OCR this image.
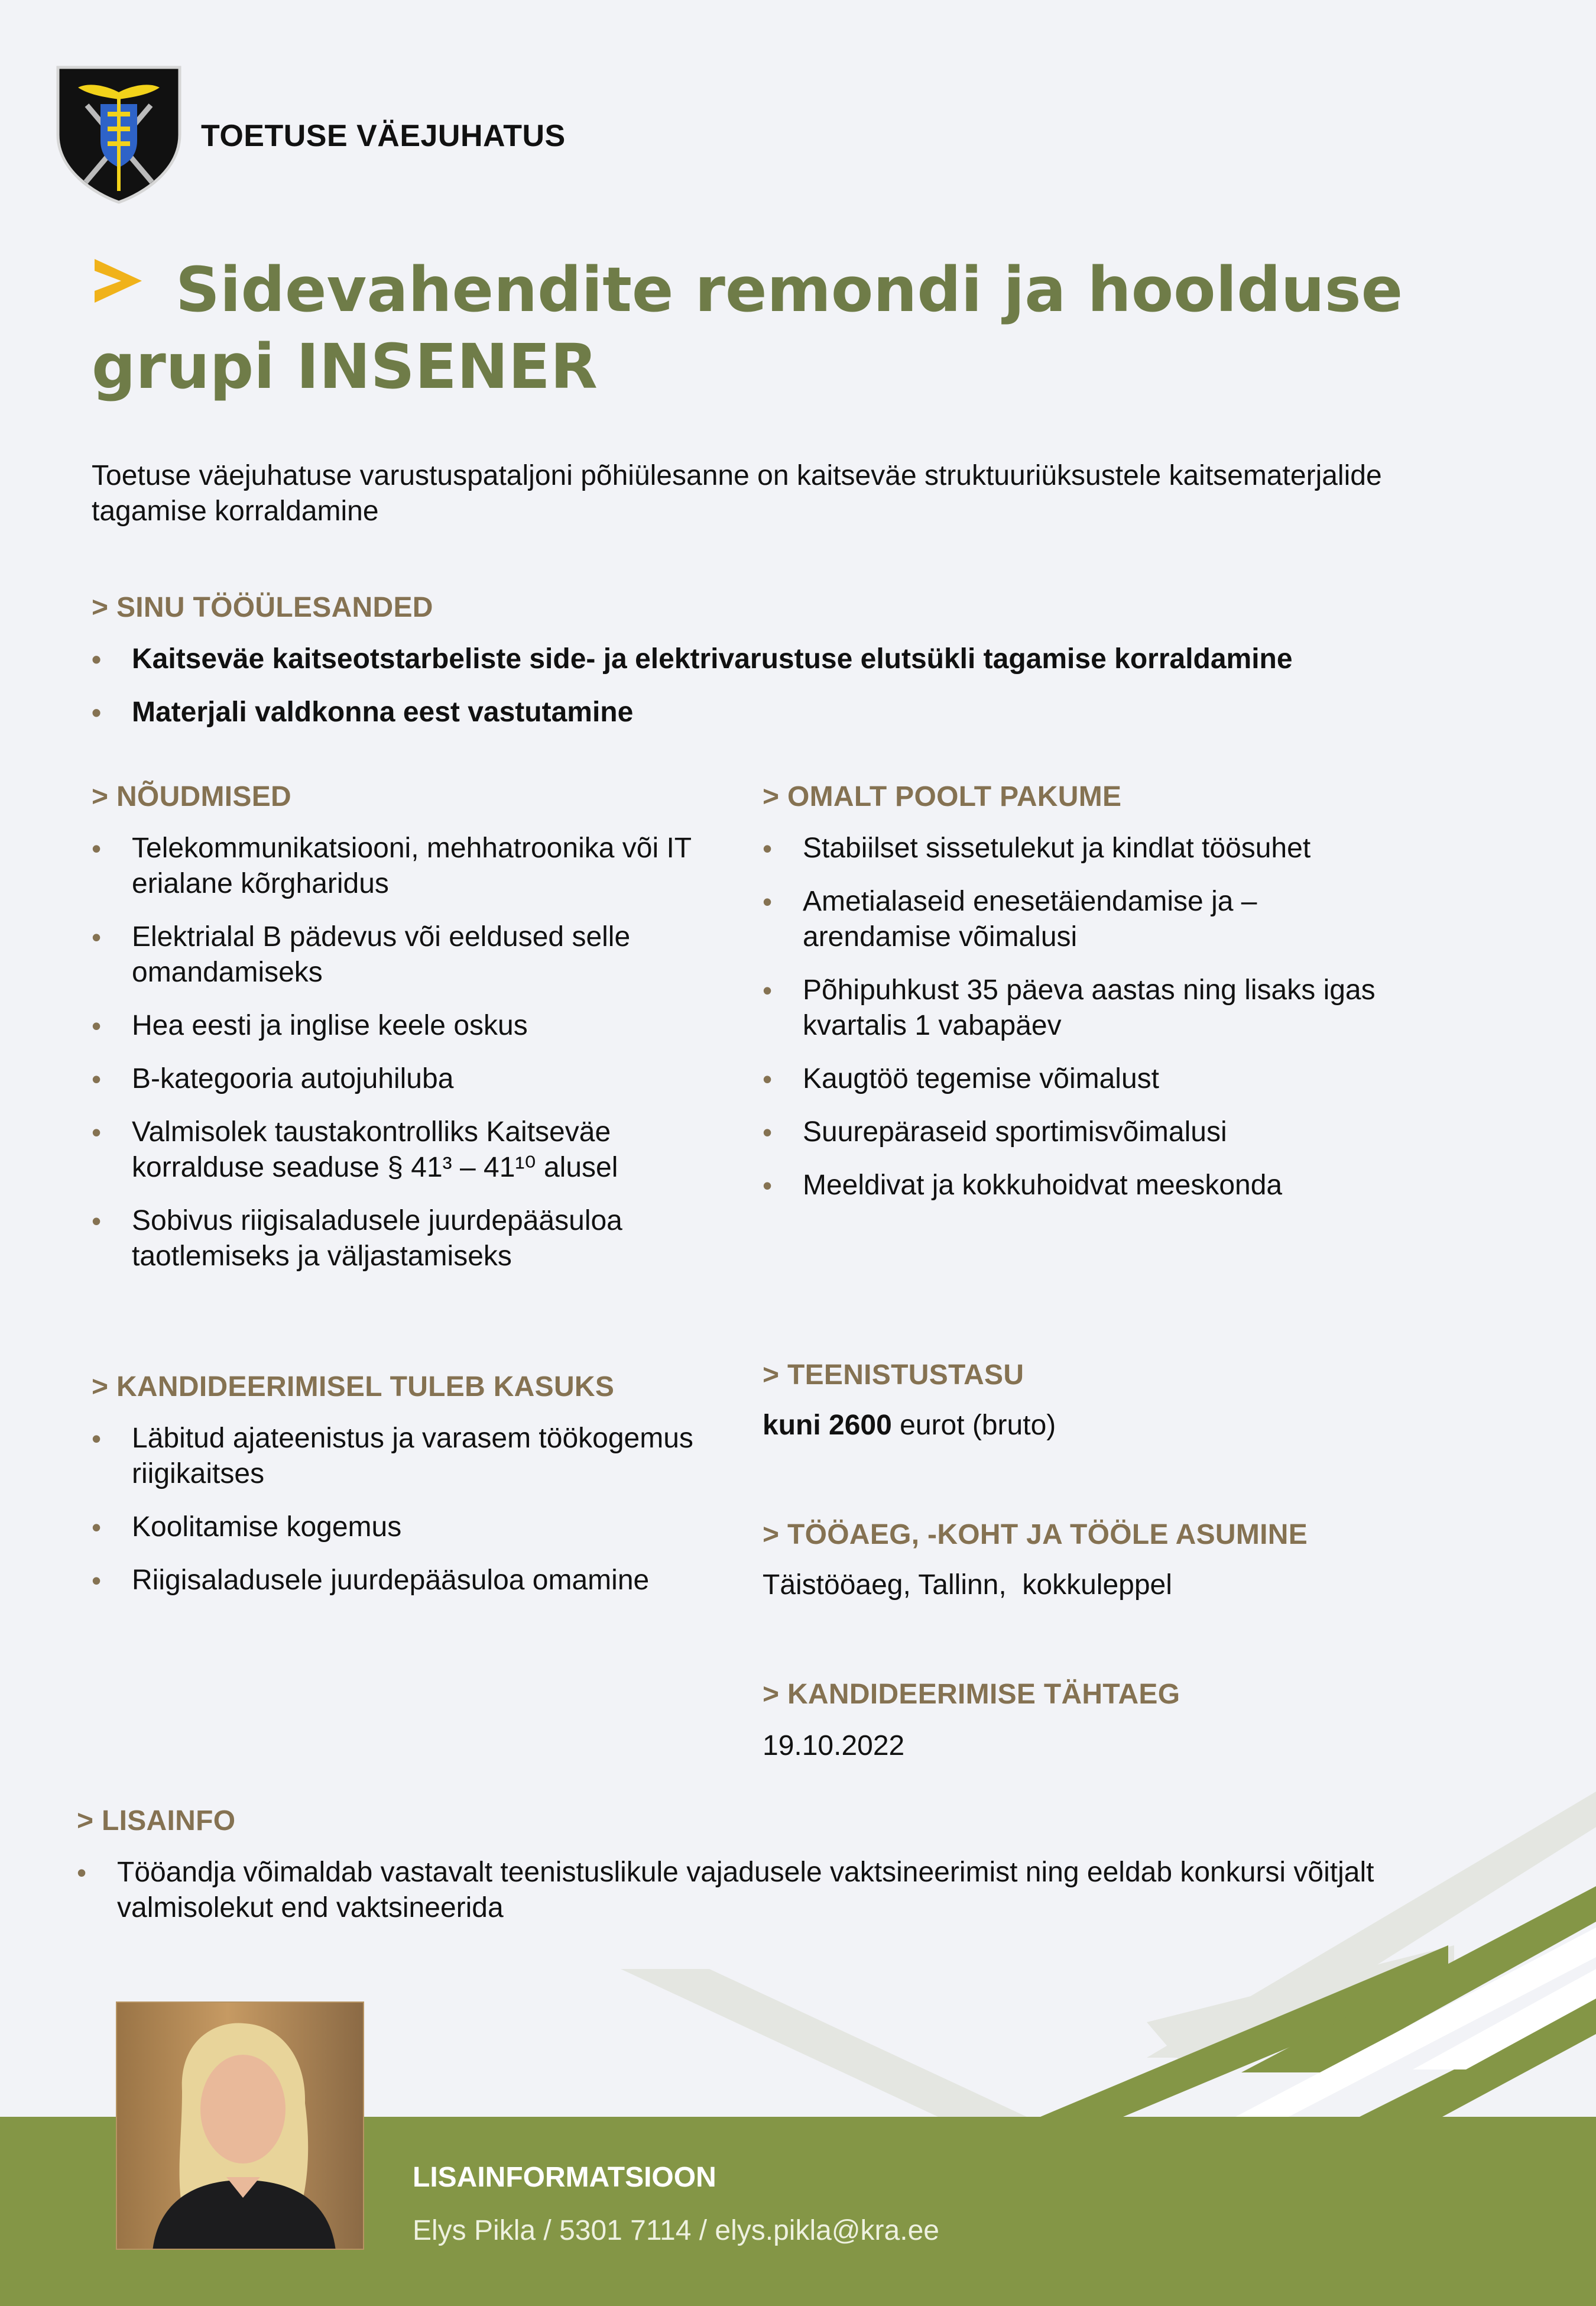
TOETUSE VÄEJUHATUS
Sidevahendite remondi ja hoolduse
grupi INSENER
Toetuse väejuhatuse varustuspataljoni põhiülesanne on kaitseväe struktuuriüksustele kaitsematerjalide tagamise korraldamine
> SINU TÖÖÜLESANDED
• Kaitseväe kaitseotstarbeliste side- ja elektrivarustuse elutsükli tagamise korraldamine
• Materjali valdkonna eest vastutamine
> NÕUDMISED
• Telekommunikatsiooni, mehhatroonika või IT erialane kõrgharidus
• Elektrialal B pädevus või eeldused selle omandamiseks
• Hea eesti ja inglise keele oskus
• B-kategooria autojuhiluba
• Valmisolek taustakontrolliks Kaitseväe korralduse seaduse § 41³ – 41¹⁰ alusel
• Sobivus riigisaladusele juurdepääsuloa taotlemiseks ja väljastamiseks
> OMALT POOLT PAKUME
• Stabiilset sissetulekut ja kindlat töösuhet
• Ametialaseid enesetäiendamise ja –arendamise võimalusi
• Põhipuhkust 35 päeva aastas ning lisaks igas kvartalis 1 vabapäev
• Kaugtöö tegemise võimalust
• Suurepäraseid sportimisvõimalusi
• Meeldivat ja kokkuhoidvat meeskonda
> KANDIDEERIMISEL TULEB KASUKS
• Läbitud ajateenistus ja varasem töökogemus riigikaitses
• Koolitamise kogemus
• Riigisaladusele juurdepääsuloa omamine
> TEENISTUSTASU
kuni 2600 eurot (bruto)
> TÖÖAEG, -KOHT JA TÖÖLE ASUMINE
Täistööaeg, Tallinn,  kokkuleppel
> KANDIDEERIMISE TÄHTAEG
19.10.2022
> LISAINFO
• Tööandja võimaldab vastavalt teenistuslikule vajadusele vaktsineerimist ning eeldab konkursi võitjalt valmisolekut end vaktsineerida
LISAINFORMATSIOON
Elys Pikla / 5301 7114 / elys.pikla@kra.ee
